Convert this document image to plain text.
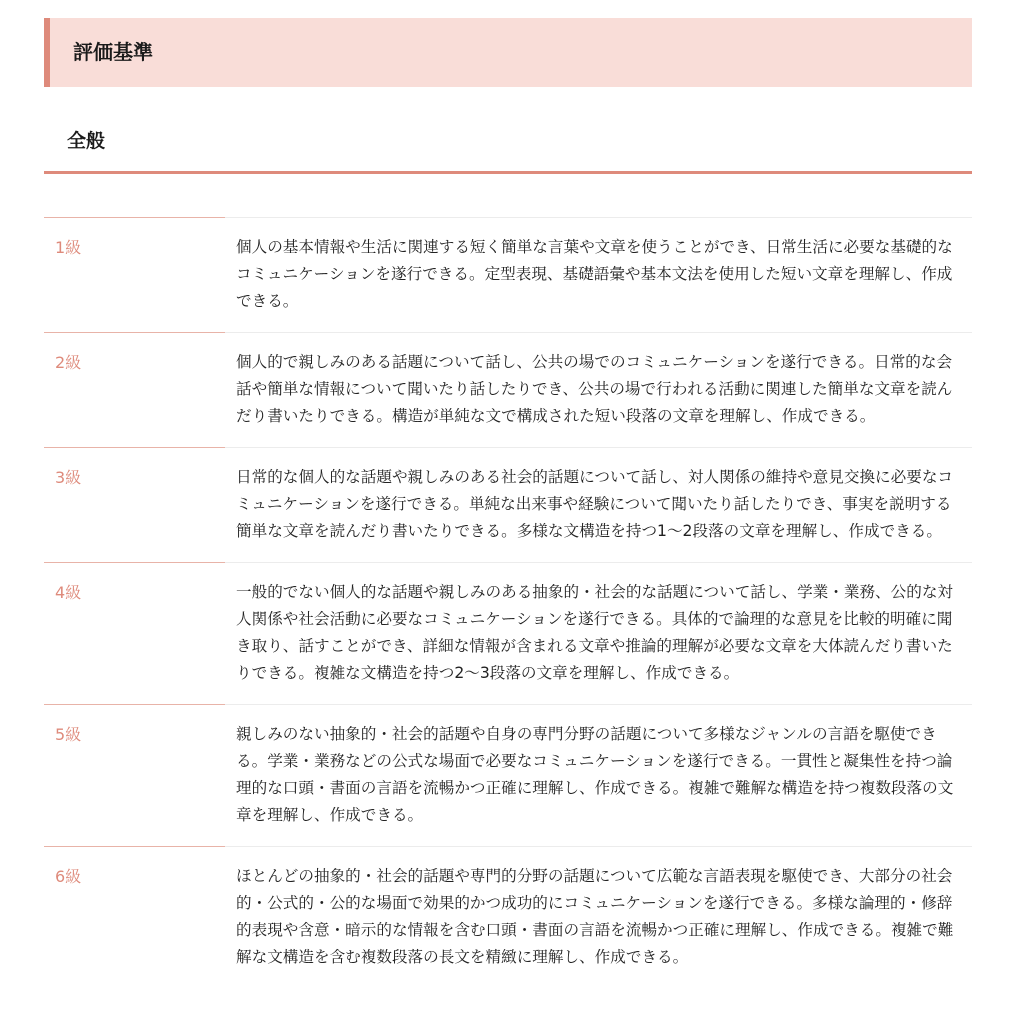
評価基準
全般
1級	個人の基本情報や生活に関連する短く簡単な言葉や文章を使うことができ、日常生活に必要な基礎的なコミュニケーションを遂行できる。定型表現、基礎語彙や基本文法を使用した短い文章を理解し、作成できる。
2級	個人的で親しみのある話題について話し、公共の場でのコミュニケーションを遂行できる。日常的な会話や簡単な情報について聞いたり話したりでき、公共の場で行われる活動に関連した簡単な文章を読んだり書いたりできる。構造が単純な文で構成された短い段落の文章を理解し、作成できる。
3級	日常的な個人的な話題や親しみのある社会的話題について話し、対人関係の維持や意見交換に必要なコミュニケーションを遂行できる。単純な出来事や経験について聞いたり話したりでき、事実を説明する簡単な文章を読んだり書いたりできる。多様な文構造を持つ1〜2段落の文章を理解し、作成できる。
4級	一般的でない個人的な話題や親しみのある抽象的・社会的な話題について話し、学業・業務、公的な対人関係や社会活動に必要なコミュニケーションを遂行できる。具体的で論理的な意見を比較的明確に聞き取り、話すことができ、詳細な情報が含まれる文章や推論的理解が必要な文章を大体読んだり書いたりできる。複雑な文構造を持つ2〜3段落の文章を理解し、作成できる。
5級	親しみのない抽象的・社会的話題や自身の専門分野の話題について多様なジャンルの言語を駆使できる。学業・業務などの公式な場面で必要なコミュニケーションを遂行できる。一貫性と凝集性を持つ論理的な口頭・書面の言語を流暢かつ正確に理解し、作成できる。複雑で難解な構造を持つ複数段落の文章を理解し、作成できる。
6級	ほとんどの抽象的・社会的話題や専門的分野の話題について広範な言語表現を駆使でき、大部分の社会的・公式的・公的な場面で効果的かつ成功的にコミュニケーションを遂行できる。多様な論理的・修辞的表現や含意・暗示的な情報を含む口頭・書面の言語を流暢かつ正確に理解し、作成できる。複雑で難解な文構造を含む複数段落の長文を精緻に理解し、作成できる。
